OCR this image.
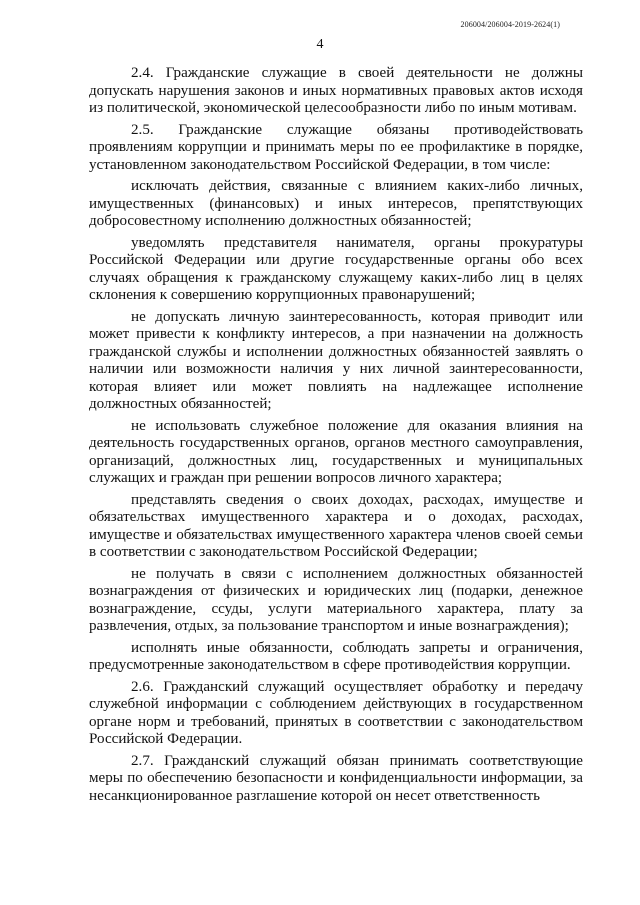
206004/206004-2019-2624(1)
4

2.4. Гражданские служащие в своей деятельности не должны допускать нарушения законов и иных нормативных правовых актов исходя из политической, экономической целесообразности либо по иным мотивам.

2.5. Гражданские служащие обязаны противодействовать проявлениям коррупции и принимать меры по ее профилактике в порядке, установленном законодательством Российской Федерации, в том числе:

исключать действия, связанные с влиянием каких-либо личных, имущественных (финансовых) и иных интересов, препятствующих добросовестному исполнению должностных обязанностей;

уведомлять представителя нанимателя, органы прокуратуры Российской Федерации или другие государственные органы обо всех случаях обращения к гражданскому служащему каких-либо лиц в целях склонения к совершению коррупционных правонарушений;

не допускать личную заинтересованность, которая приводит или может привести к конфликту интересов, а при назначении на должность гражданской службы и исполнении должностных обязанностей заявлять о наличии или возможности наличия у них личной заинтересованности, которая влияет или может повлиять на надлежащее исполнение должностных обязанностей;

не использовать служебное положение для оказания влияния на деятельность государственных органов, органов местного самоуправления, организаций, должностных лиц, государственных и муниципальных служащих и граждан при решении вопросов личного характера;

представлять сведения о своих доходах, расходах, имуществе и обязательствах имущественного характера и о доходах, расходах, имуществе и обязательствах имущественного характера членов своей семьи в соответствии с законодательством Российской Федерации;

не получать в связи с исполнением должностных обязанностей вознаграждения от физических и юридических лиц (подарки, денежное вознаграждение, ссуды, услуги материального характера, плату за развлечения, отдых, за пользование транспортом и иные вознаграждения);

исполнять иные обязанности, соблюдать запреты и ограничения, предусмотренные законодательством в сфере противодействия коррупции.

2.6. Гражданский служащий осуществляет обработку и передачу служебной информации с соблюдением действующих в государственном органе норм и требований, принятых в соответствии с законодательством Российской Федерации.

2.7. Гражданский служащий обязан принимать соответствующие меры по обеспечению безопасности и конфиденциальности информации, за несанкционированное разглашение которой он несет ответственность
